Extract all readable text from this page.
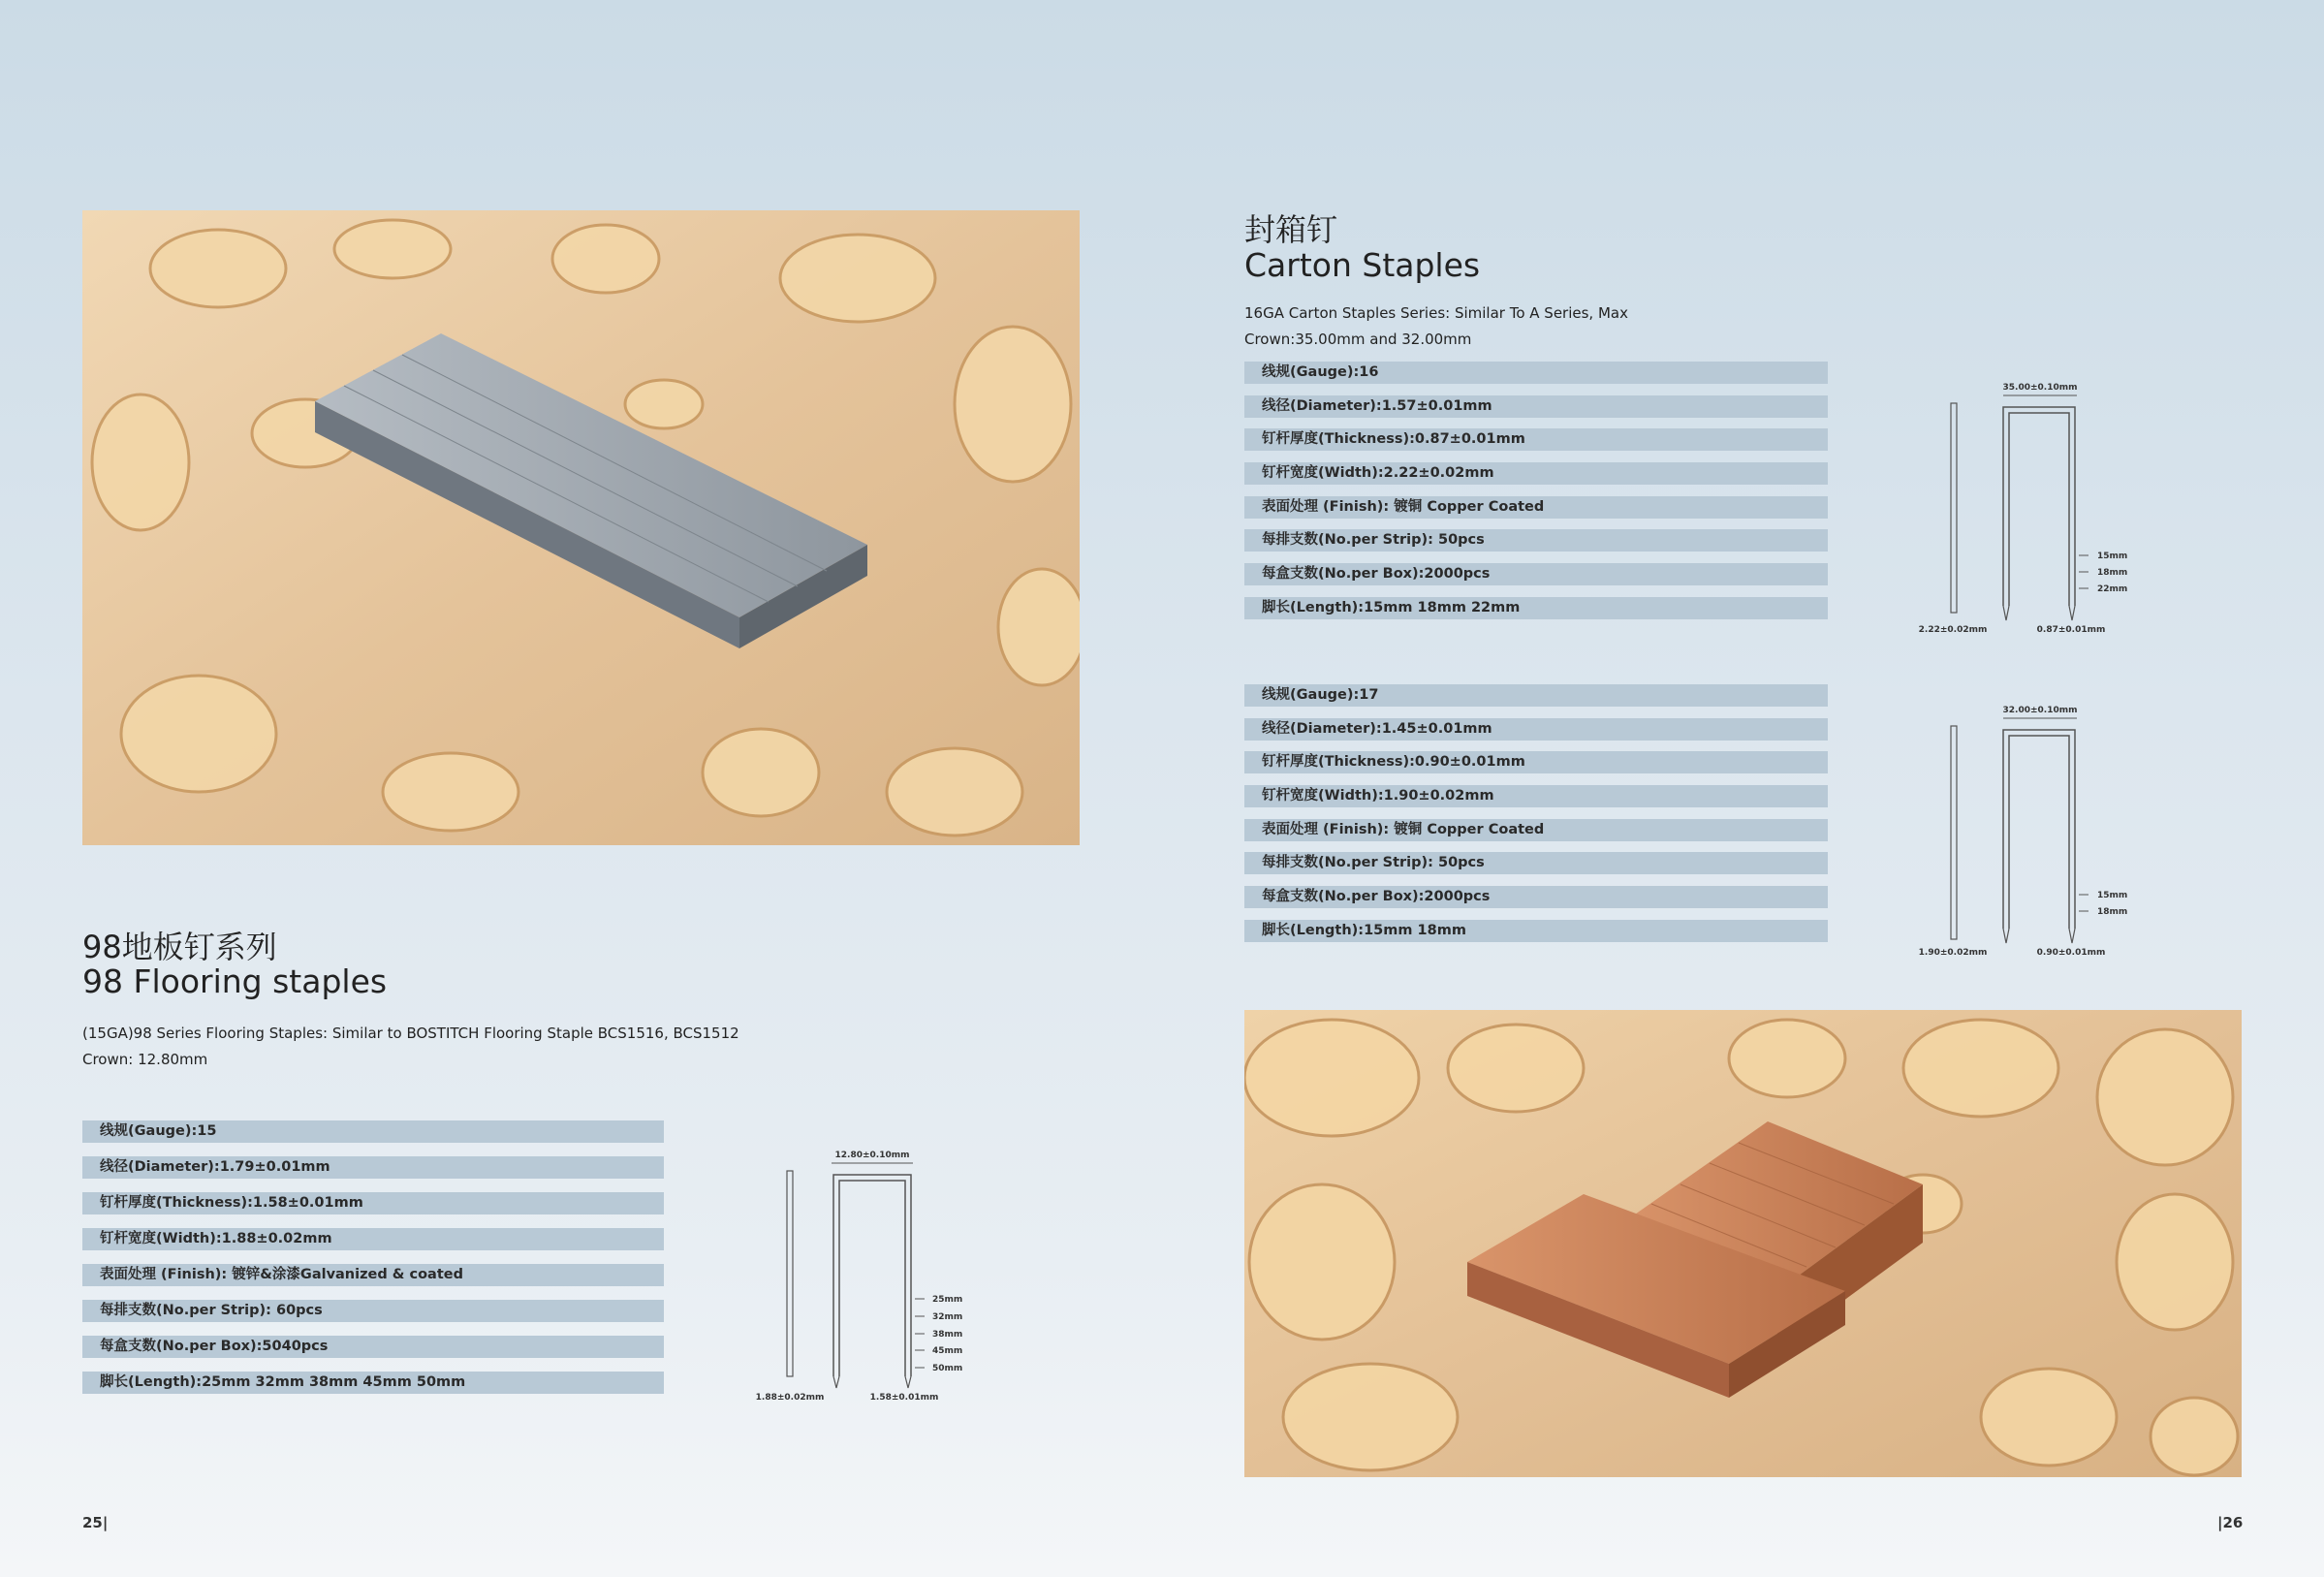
98地板钉系列
98 Flooring staples
(15GA)98 Series Flooring Staples: Similar to BOSTITCH Flooring Staple BCS1516, BCS1512
Crown: 12.80mm
线规(Gauge):15
线径(Diameter):1.79±0.01mm
钉杆厚度(Thickness):1.58±0.01mm
钉杆宽度(Width):1.88±0.02mm
表面处理 (Finish): 镀锌&涂漆Galvanized & coated
每排支数(No.per Strip): 60pcs
每盒支数(No.per Box):5040pcs
脚长(Length):25mm 32mm 38mm 45mm 50mm
12.80±0.10mm
25mm
32mm
38mm
45mm
50mm
1.88±0.02mm	1.58±0.01mm
25|
封箱钉
Carton Staples
16GA Carton Staples Series: Similar To A Series, Max
Crown:35.00mm and 32.00mm
线规(Gauge):16
线径(Diameter):1.57±0.01mm
钉杆厚度(Thickness):0.87±0.01mm
钉杆宽度(Width):2.22±0.02mm
表面处理 (Finish): 镀铜 Copper Coated
每排支数(No.per Strip): 50pcs
每盒支数(No.per Box):2000pcs
脚长(Length):15mm 18mm 22mm
35.00±0.10mm
15mm
18mm
22mm
2.22±0.02mm	0.87±0.01mm
线规(Gauge):17
线径(Diameter):1.45±0.01mm
钉杆厚度(Thickness):0.90±0.01mm
钉杆宽度(Width):1.90±0.02mm
表面处理 (Finish): 镀铜 Copper Coated
每排支数(No.per Strip): 50pcs
每盒支数(No.per Box):2000pcs
脚长(Length):15mm 18mm
32.00±0.10mm
15mm
18mm
1.90±0.02mm	0.90±0.01mm
|26
